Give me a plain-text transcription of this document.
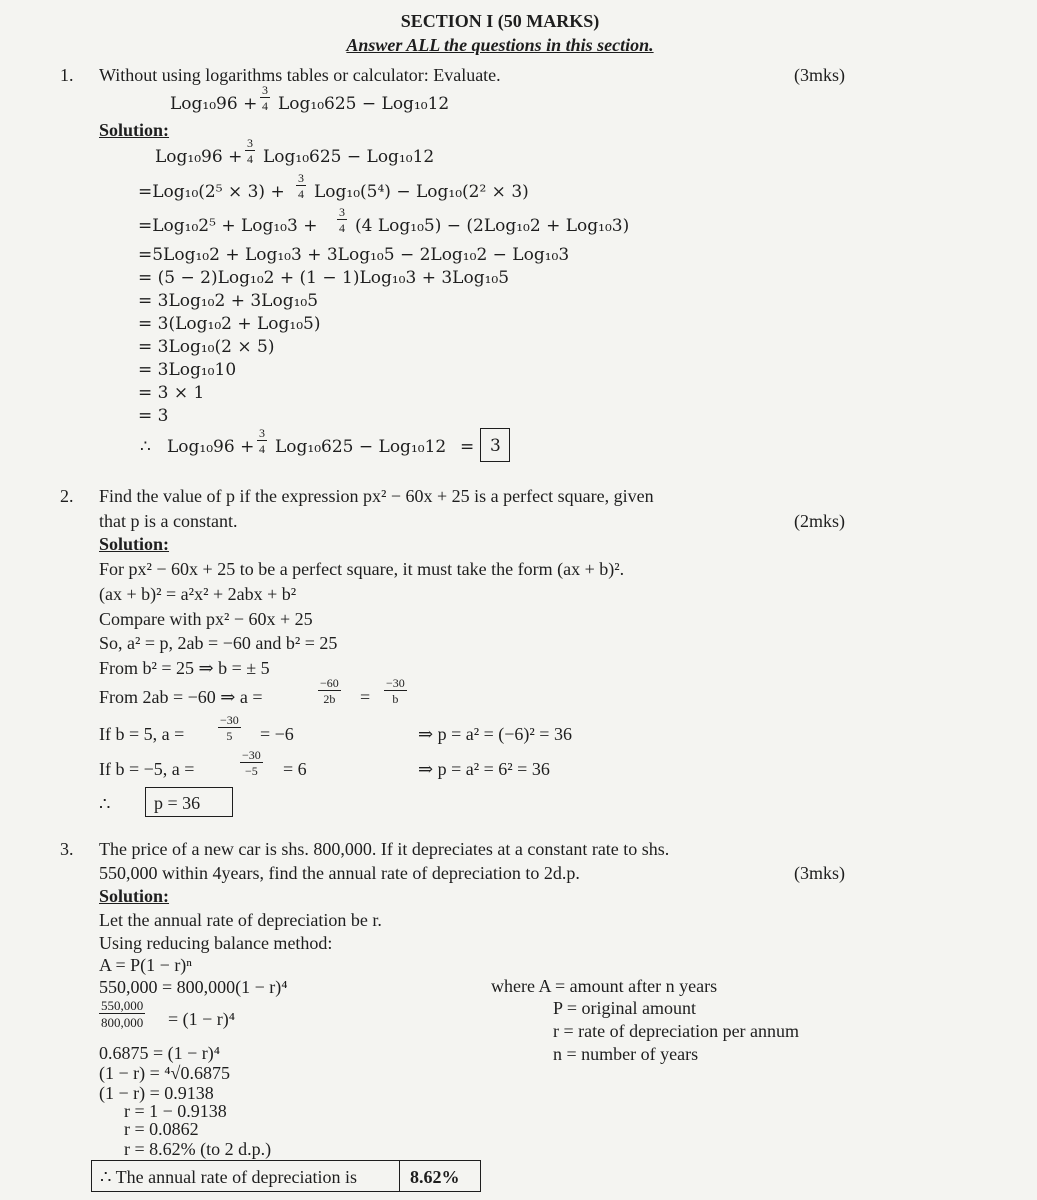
SECTION I (50 MARKS)
Answer ALL the questions in this section.
1. Without using logarithms tables or calculator: Evaluate.	(3mks)
Log₁₀96 +
3
4 Log₁₀625 − Log₁₀12
Solution:
Log₁₀96 +
3
4 Log₁₀625 − Log₁₀12
=Log₁₀(2⁵ × 3) +
3
4 Log₁₀(5⁴) − Log₁₀(2² × 3)
=Log₁₀2⁵ + Log₁₀3 +
3
4 (4 Log₁₀5) − (2Log₁₀2 + Log₁₀3)
=5Log₁₀2 + Log₁₀3 + 3Log₁₀5 − 2Log₁₀2 − Log₁₀3
= (5 − 2)Log₁₀2 + (1 − 1)Log₁₀3 + 3Log₁₀5
= 3Log₁₀2 + 3Log₁₀5
= 3(Log₁₀2 + Log₁₀5)
= 3Log₁₀(2 × 5)
= 3Log₁₀10
= 3 × 1
= 3
∴ Log₁₀96 +
3
4 Log₁₀625 − Log₁₀12 = 3
2. Find the value of p if the expression px² − 60x + 25 is a perfect square, given
that p is a constant.	(2mks)
Solution:
For px² − 60x + 25 to be a perfect square, it must take the form (ax + b)².
(ax + b)² = a²x² + 2abx + b²
Compare with px² − 60x + 25
So, a² = p, 2ab = −60 and b² = 25
From b² = 25 ⇒ b = ± 5
From 2ab = −60 ⇒ a =
−60
2b =
−30
b
If b = 5, a =
−30
5 = −6	⇒ p = a² = (−6)² = 36
If b = −5, a =
−30
−5 = 6	⇒ p = a² = 6² = 36
∴ p = 36
3. The price of a new car is shs. 800,000. If it depreciates at a constant rate to shs.
550,000 within 4years, find the annual rate of depreciation to 2d.p.	(3mks)
Solution:
Let the annual rate of depreciation be r.
Using reducing balance method:
A = P(1 − r)ⁿ
550,000 = 800,000(1 − r)⁴
550,000
800,000 = (1 − r)⁴
0.6875 = (1 − r)⁴
(1 − r) = ⁴√0.6875
(1 − r) = 0.9138
r = 1 − 0.9138
r = 0.0862
r = 8.62% (to 2 d.p.)
where A = amount after n years
P = original amount
r = rate of depreciation per annum
n = number of years
∴ The annual rate of depreciation is	8.62%
